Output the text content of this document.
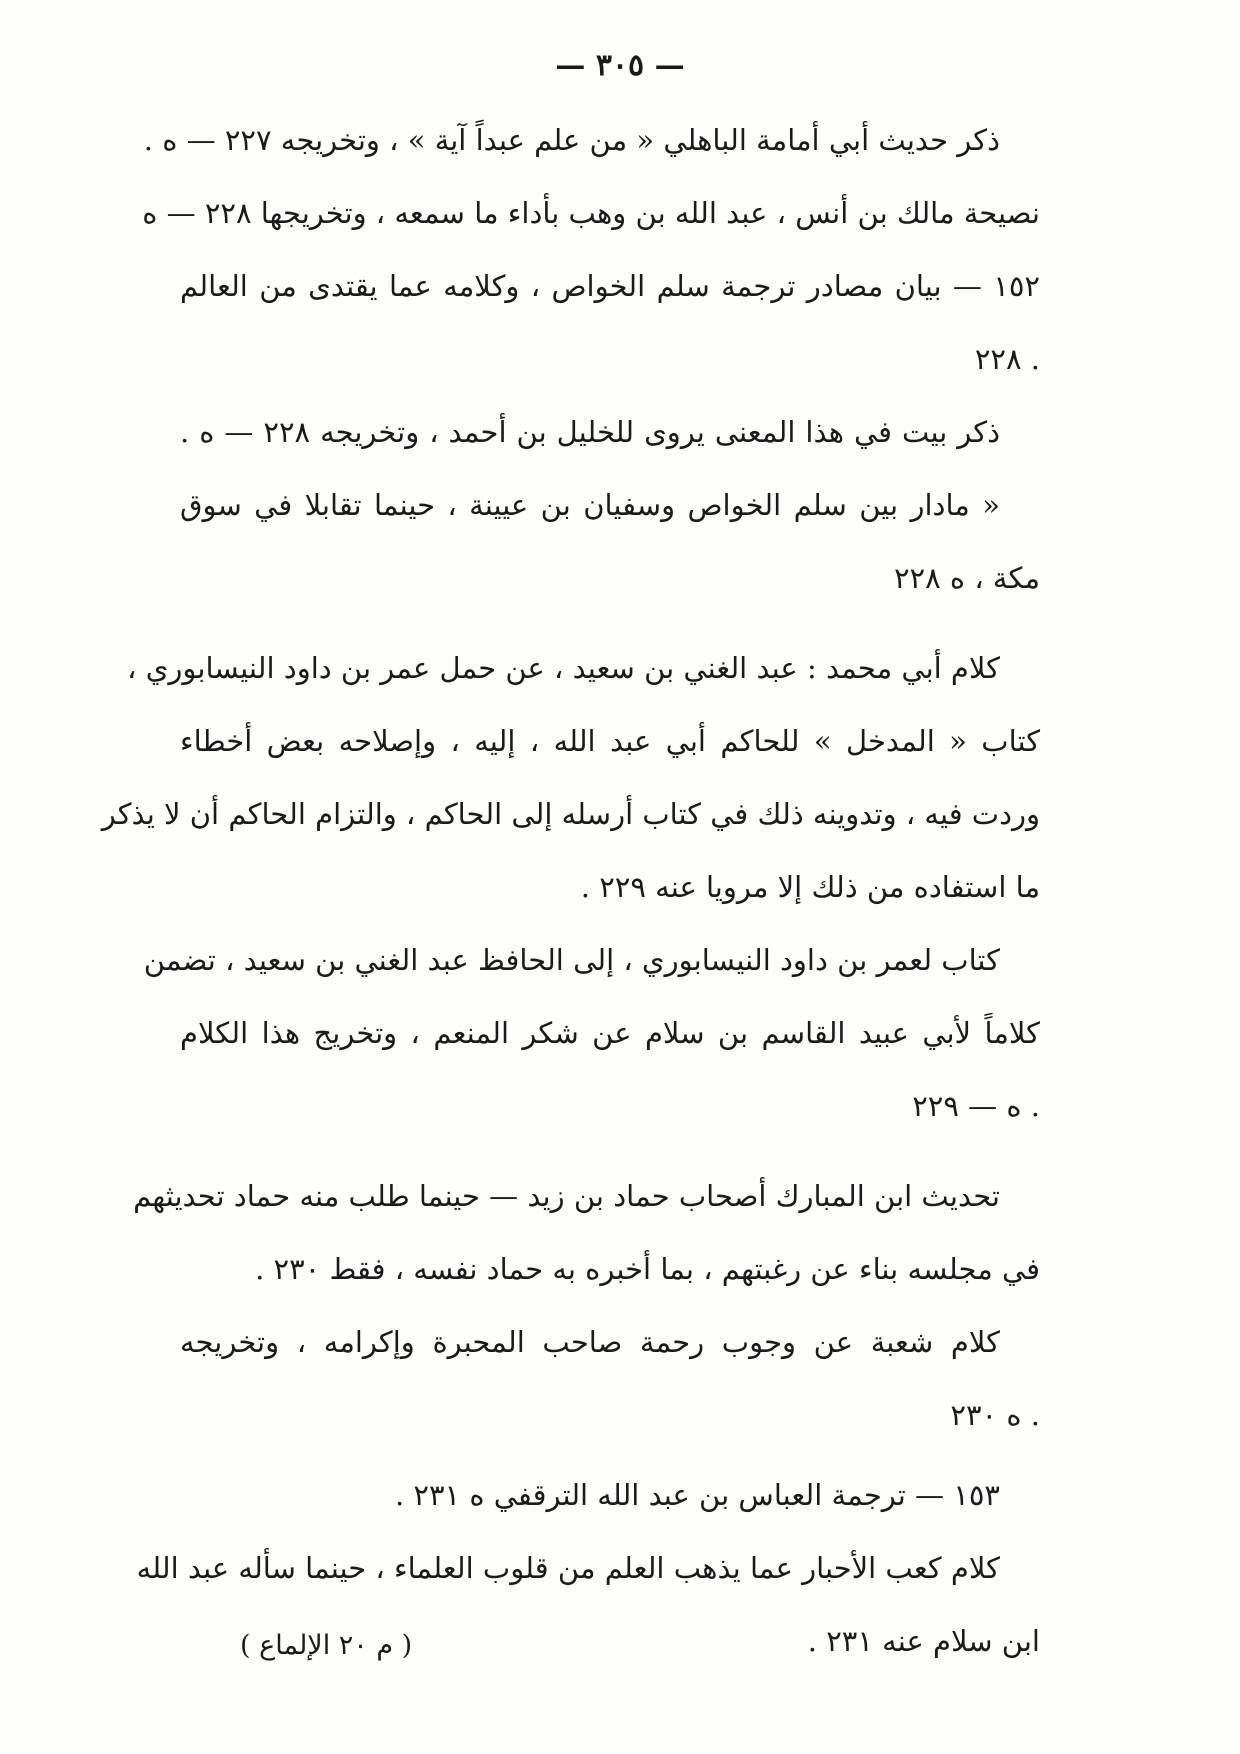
— ٣٠٥ —
ذكر حديث أبي أمامة الباهلي « من علم عبداً آية » ، وتخريجه ٢٢٧ — ه .
نصيحة مالك بن أنس ، عبد الله بن وهب بأداء ما سمعه ، وتخريجها ٢٢٨ — ه
١٥٢ — بيان مصادر ترجمة سلم الخواص ، وكلامه عما يقتدى من العالم
. ٢٢٨
ذكر بيت في هذا المعنى يروى للخليل بن أحمد ، وتخريجه ٢٢٨ — ه .
« مادار بين سلم الخواص وسفيان بن عيينة ، حينما تقابلا في سوق
مكة ، ه ٢٢٨
كلام أبي محمد : عبد الغني بن سعيد ، عن حمل عمر بن داود النيسابوري ،
كتاب « المدخل » للحاكم أبي عبد الله ، إليه ، وإصلاحه بعض أخطاء
وردت فيه ، وتدوينه ذلك في كتاب أرسله إلى الحاكم ، والتزام الحاكم أن لا يذكر
ما استفاده من ذلك إلا مرويا عنه ٢٢٩ .
كتاب لعمر بن داود النيسابوري ، إلى الحافظ عبد الغني بن سعيد ، تضمن
كلاماً لأبي عبيد القاسم بن سلام عن شكر المنعم ، وتخريج هذا الكلام
. ه — ٢٢٩
تحديث ابن المبارك أصحاب حماد بن زيد — حينما طلب منه حماد تحديثهم
في مجلسه بناء عن رغبتهم ، بما أخبره به حماد نفسه ، فقط ٢٣٠ .
كلام شعبة عن وجوب رحمة صاحب المحبرة وإكرامه ، وتخريجه
. ه ٢٣٠
١٥٣ — ترجمة العباس بن عبد الله الترقفي ه ٢٣١ .
كلام كعب الأحبار عما يذهب العلم من قلوب العلماء ، حينما سأله عبد الله
ابن سلام عنه ٢٣١ .
( م ٢٠ الإلماع )
